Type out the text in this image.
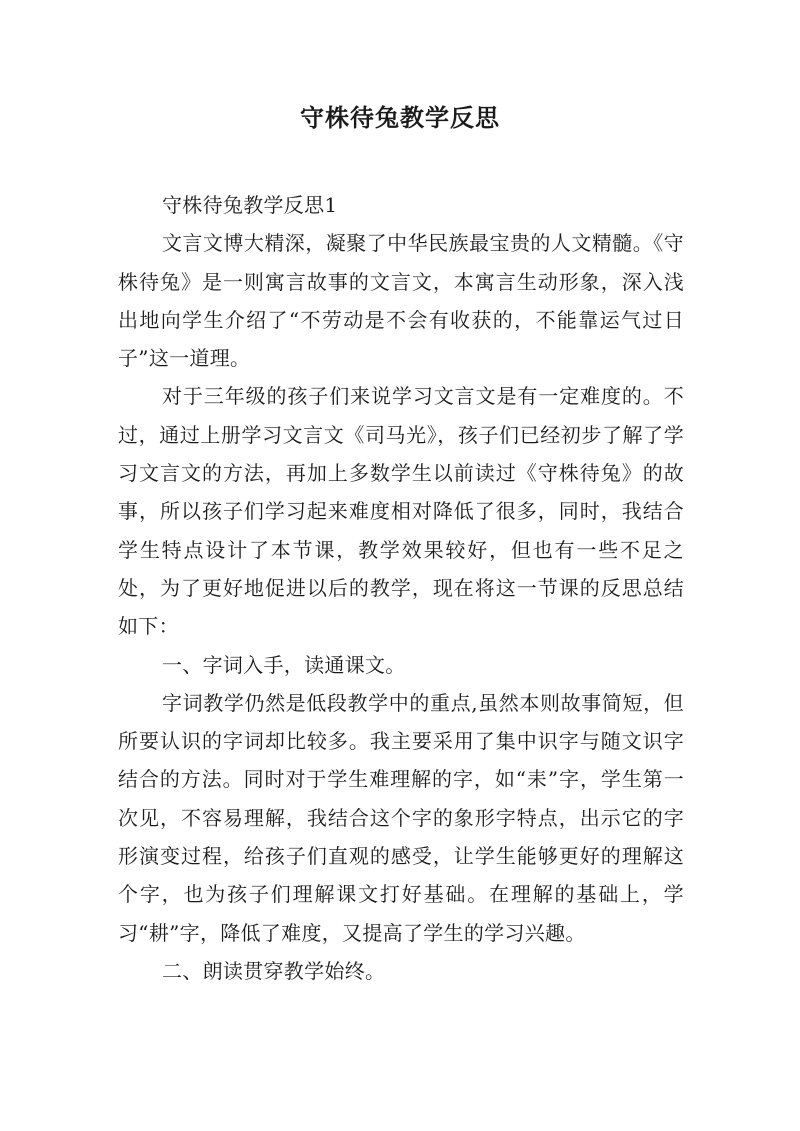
守株待兔教学反思

守株待兔教学反思1

文言文博大精深，凝聚了中华民族最宝贵的人文精髓。《守株待兔》是一则寓言故事的文言文，本寓言生动形象，深入浅出地向学生介绍了“不劳动是不会有收获的，不能靠运气过日子”这一道理。

对于三年级的孩子们来说学习文言文是有一定难度的。不过，通过上册学习文言文《司马光》，孩子们已经初步了解了学习文言文的方法，再加上多数学生以前读过《守株待兔》的故事，所以孩子们学习起来难度相对降低了很多，同时，我结合学生特点设计了本节课，教学效果较好，但也有一些不足之处，为了更好地促进以后的教学，现在将这一节课的反思总结如下：

一、字词入手，读通课文。

字词教学仍然是低段教学中的重点,虽然本则故事简短，但所要认识的字词却比较多。我主要采用了集中识字与随文识字结合的方法。同时对于学生难理解的字，如“耒”字，学生第一次见，不容易理解，我结合这个字的象形字特点，出示它的字形演变过程，给孩子们直观的感受，让学生能够更好的理解这个字，也为孩子们理解课文打好基础。在理解的基础上，学习“耕”字，降低了难度，又提高了学生的学习兴趣。

二、朗读贯穿教学始终。
